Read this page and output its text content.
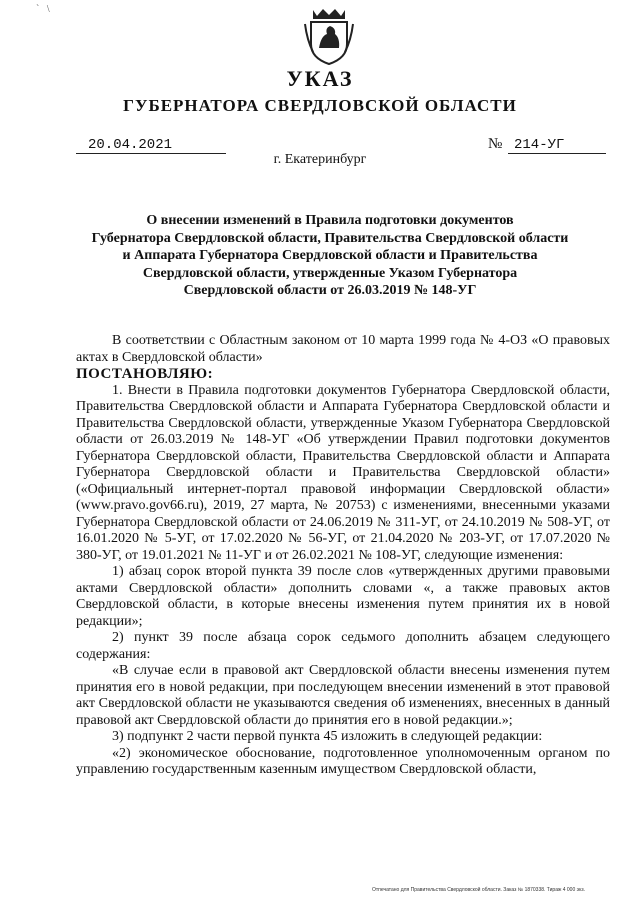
`   \
УКАЗ
ГУБЕРНАТОРА СВЕРДЛОВСКОЙ ОБЛАСТИ
20.04.2021	№ 214-УГ
г. Екатеринбург
О внесении изменений в Правила подготовки документов
Губернатора Свердловской области, Правительства Свердловской области
и Аппарата Губернатора Свердловской области и Правительства
Свердловской области, утвержденные Указом Губернатора
Свердловской области от 26.03.2019 № 148-УГ

В соответствии с Областным законом от 10 марта 1999 года № 4-ОЗ «О правовых актах в Свердловской области»

ПОСТАНОВЛЯЮ:

1. Внести в Правила подготовки документов Губернатора Свердловской области, Правительства Свердловской области и Аппарата Губернатора Свердловской области и Правительства Свердловской области, утвержденные Указом Губернатора Свердловской области от 26.03.2019 № 148-УГ «Об утверждении Правил подготовки документов Губернатора Свердловской области, Правительства Свердловской области и Аппарата Губернатора Свердловской области и Правительства Свердловской области» («Официальный интернет-портал правовой информации Свердловской области» (www.pravo.gov66.ru), 2019, 27 марта, № 20753) с изменениями, внесенными указами Губернатора Свердловской области от 24.06.2019 № 311-УГ, от 24.10.2019 № 508-УГ, от 16.01.2020 № 5-УГ, от 17.02.2020 № 56-УГ, от 21.04.2020 № 203-УГ, от 17.07.2020 № 380-УГ, от 19.01.2021 № 11-УГ и от 26.02.2021 № 108-УГ, следующие изменения:

1) абзац сорок второй пункта 39 после слов «утвержденных другими правовыми актами Свердловской области» дополнить словами «, а также правовых актов Свердловской области, в которые внесены изменения путем принятия их в новой редакции»;

2) пункт 39 после абзаца сорок седьмого дополнить абзацем следующего содержания:

«В случае если в правовой акт Свердловской области внесены изменения путем принятия его в новой редакции, при последующем внесении изменений в этот правовой акт Свердловской области не указываются сведения об изменениях, внесенных в данный правовой акт Свердловской области до принятия его в новой редакции.»;

3) подпункт 2 части первой пункта 45 изложить в следующей редакции:

«2) экономическое обоснование, подготовленное уполномоченным органом по управлению государственным казенным имуществом Свердловской области,

Отпечатано для Правительства Свердловской области. Заказ № 1870338. Тираж 4 000 экз.
